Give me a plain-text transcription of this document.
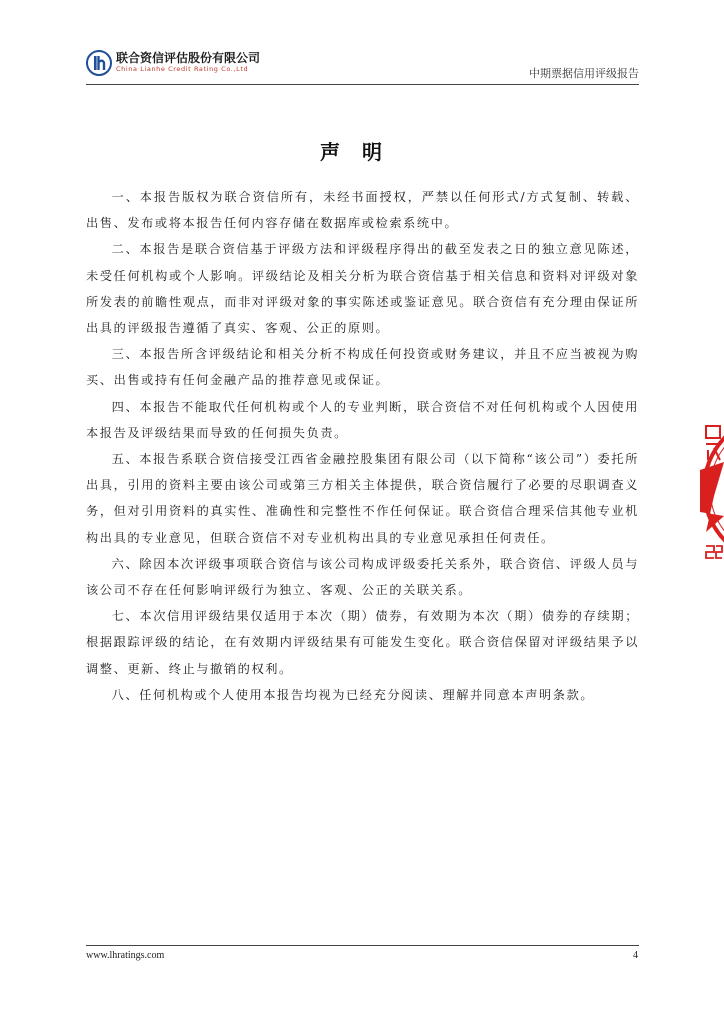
联合资信评估股份有限公司
China Lianhe Credit Rating Co.,Ltd	中期票据信用评级报告
声明

一、本报告版权为联合资信所有，未经书面授权，严禁以任何形式/方式复制、转载、出售、发布或将本报告任何内容存储在数据库或检索系统中。

二、本报告是联合资信基于评级方法和评级程序得出的截至发表之日的独立意见陈述，未受任何机构或个人影响。评级结论及相关分析为联合资信基于相关信息和资料对评级对象所发表的前瞻性观点，而非对评级对象的事实陈述或鉴证意见。联合资信有充分理由保证所出具的评级报告遵循了真实、客观、公正的原则。

三、本报告所含评级结论和相关分析不构成任何投资或财务建议，并且不应当被视为购买、出售或持有任何金融产品的推荐意见或保证。

四、本报告不能取代任何机构或个人的专业判断，联合资信不对任何机构或个人因使用本报告及评级结果而导致的任何损失负责。

五、本报告系联合资信接受江西省金融控股集团有限公司（以下简称“该公司”）委托所出具，引用的资料主要由该公司或第三方相关主体提供，联合资信履行了必要的尽职调查义务，但对引用资料的真实性、准确性和完整性不作任何保证。联合资信合理采信其他专业机构出具的专业意见，但联合资信不对专业机构出具的专业意见承担任何责任。

六、除因本次评级事项联合资信与该公司构成评级委托关系外，联合资信、评级人员与该公司不存在任何影响评级行为独立、客观、公正的关联关系。

七、本次信用评级结果仅适用于本次（期）债券，有效期为本次（期）债券的存续期；根据跟踪评级的结论，在有效期内评级结果有可能发生变化。联合资信保留对评级结果予以调整、更新、终止与撤销的权利。

八、任何机构或个人使用本报告均视为已经充分阅读、理解并同意本声明条款。

www.lhratings.com	4
